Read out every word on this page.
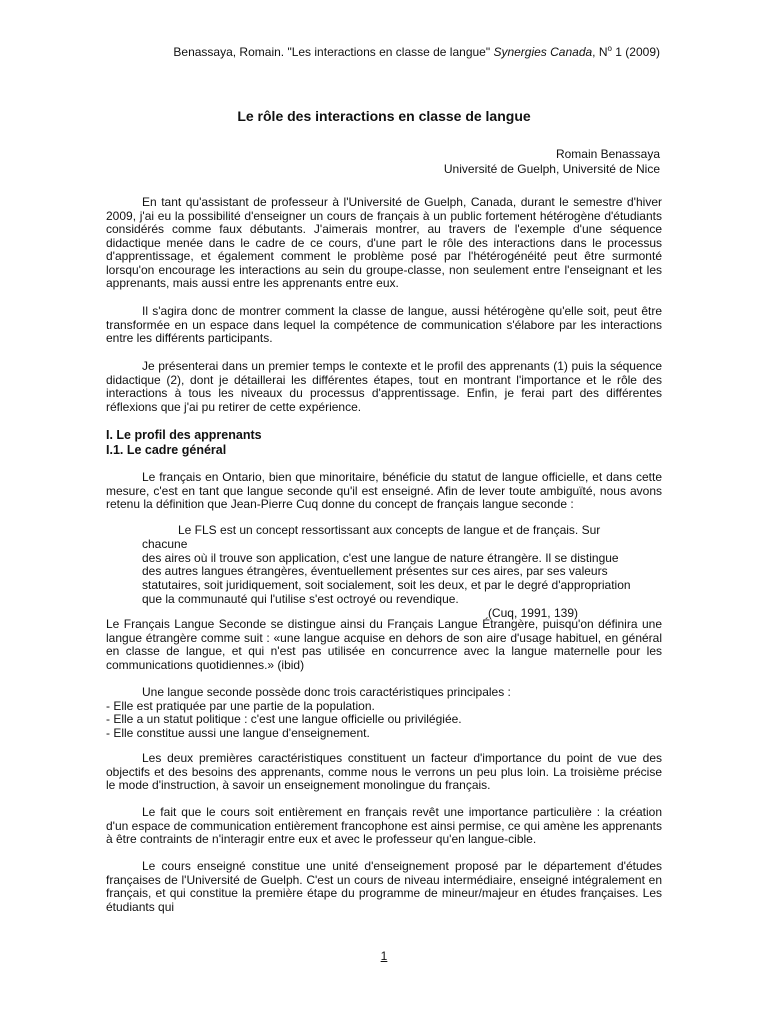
Benassaya, Romain. "Les interactions en classe de langue" Synergies Canada, $N^o$ 1 (2009)
Le rôle des interactions en classe de langue
Romain Benassaya
Université de Guelph, Université de Nice

En tant qu'assistant de professeur à l'Université de Guelph, Canada, durant le semestre d'hiver 2009, j'ai eu la possibilité d'enseigner un cours de français à un public fortement hétérogène d'étudiants considérés comme faux débutants. J'aimerais montrer, au travers de l'exemple d'une séquence didactique menée dans le cadre de ce cours, d'une part le rôle des interactions dans le processus d'apprentissage, et également comment le problème posé par l'hétérogénéité peut être surmonté lorsqu'on encourage les interactions au sein du groupe-classe, non seulement entre l'enseignant et les apprenants, mais aussi entre les apprenants entre eux.

Il s'agira donc de montrer comment la classe de langue, aussi hétérogène qu'elle soit, peut être transformée en un espace dans lequel la compétence de communication s'élabore par les interactions entre les différents participants.

Je présenterai dans un premier temps le contexte et le profil des apprenants (1) puis la séquence didactique (2), dont je détaillerai les différentes étapes, tout en montrant l'importance et le rôle des interactions à tous les niveaux du processus d'apprentissage. Enfin, je ferai part des différentes réflexions que j'ai pu retirer de cette expérience.

I. Le profil des apprenants
I.1. Le cadre général

Le français en Ontario, bien que minoritaire, bénéficie du statut de langue officielle, et dans cette mesure, c'est en tant que langue seconde qu'il est enseigné. Afin de lever toute ambiguïté, nous avons retenu la définition que Jean-Pierre Cuq donne du concept de français langue seconde :

Le FLS est un concept ressortissant aux concepts de langue et de français. Sur chacune
des aires où il trouve son application, c'est une langue de nature étrangère. Il se distingue
des autres langues étrangères, éventuellement présentes sur ces aires, par ses valeurs
statutaires, soit juridiquement, soit socialement, soit les deux, et par le degré d'appropriation
que la communauté qui l'utilise s'est octroyé ou revendique.
(Cuq, 1991, 139)

Le Français Langue Seconde se distingue ainsi du Français Langue Étrangère, puisqu'on définira une langue étrangère comme suit : «une langue acquise en dehors de son aire d'usage habituel, en général en classe de langue, et qui n'est pas utilisée en concurrence avec la langue maternelle pour les communications quotidiennes.» (ibid)

Une langue seconde possède donc trois caractéristiques principales :
- Elle est pratiquée par une partie de la population.
- Elle a un statut politique : c'est une langue officielle ou privilégiée.
- Elle constitue aussi une langue d'enseignement.

Les deux premières caractéristiques constituent un facteur d'importance du point de vue des objectifs et des besoins des apprenants, comme nous le verrons un peu plus loin. La troisième précise le mode d'instruction, à savoir un enseignement monolingue du français.

Le fait que le cours soit entièrement en français revêt une importance particulière : la création d'un espace de communication entièrement francophone est ainsi permise, ce qui amène les apprenants à être contraints de n'interagir entre eux et avec le professeur qu'en langue-cible.

Le cours enseigné constitue une unité d'enseignement proposé par le département d'études françaises de l'Université de Guelph. C'est un cours de niveau intermédiaire, enseigné intégralement en français, et qui constitue la première étape du programme de mineur/majeur en études françaises. Les étudiants qui

1
